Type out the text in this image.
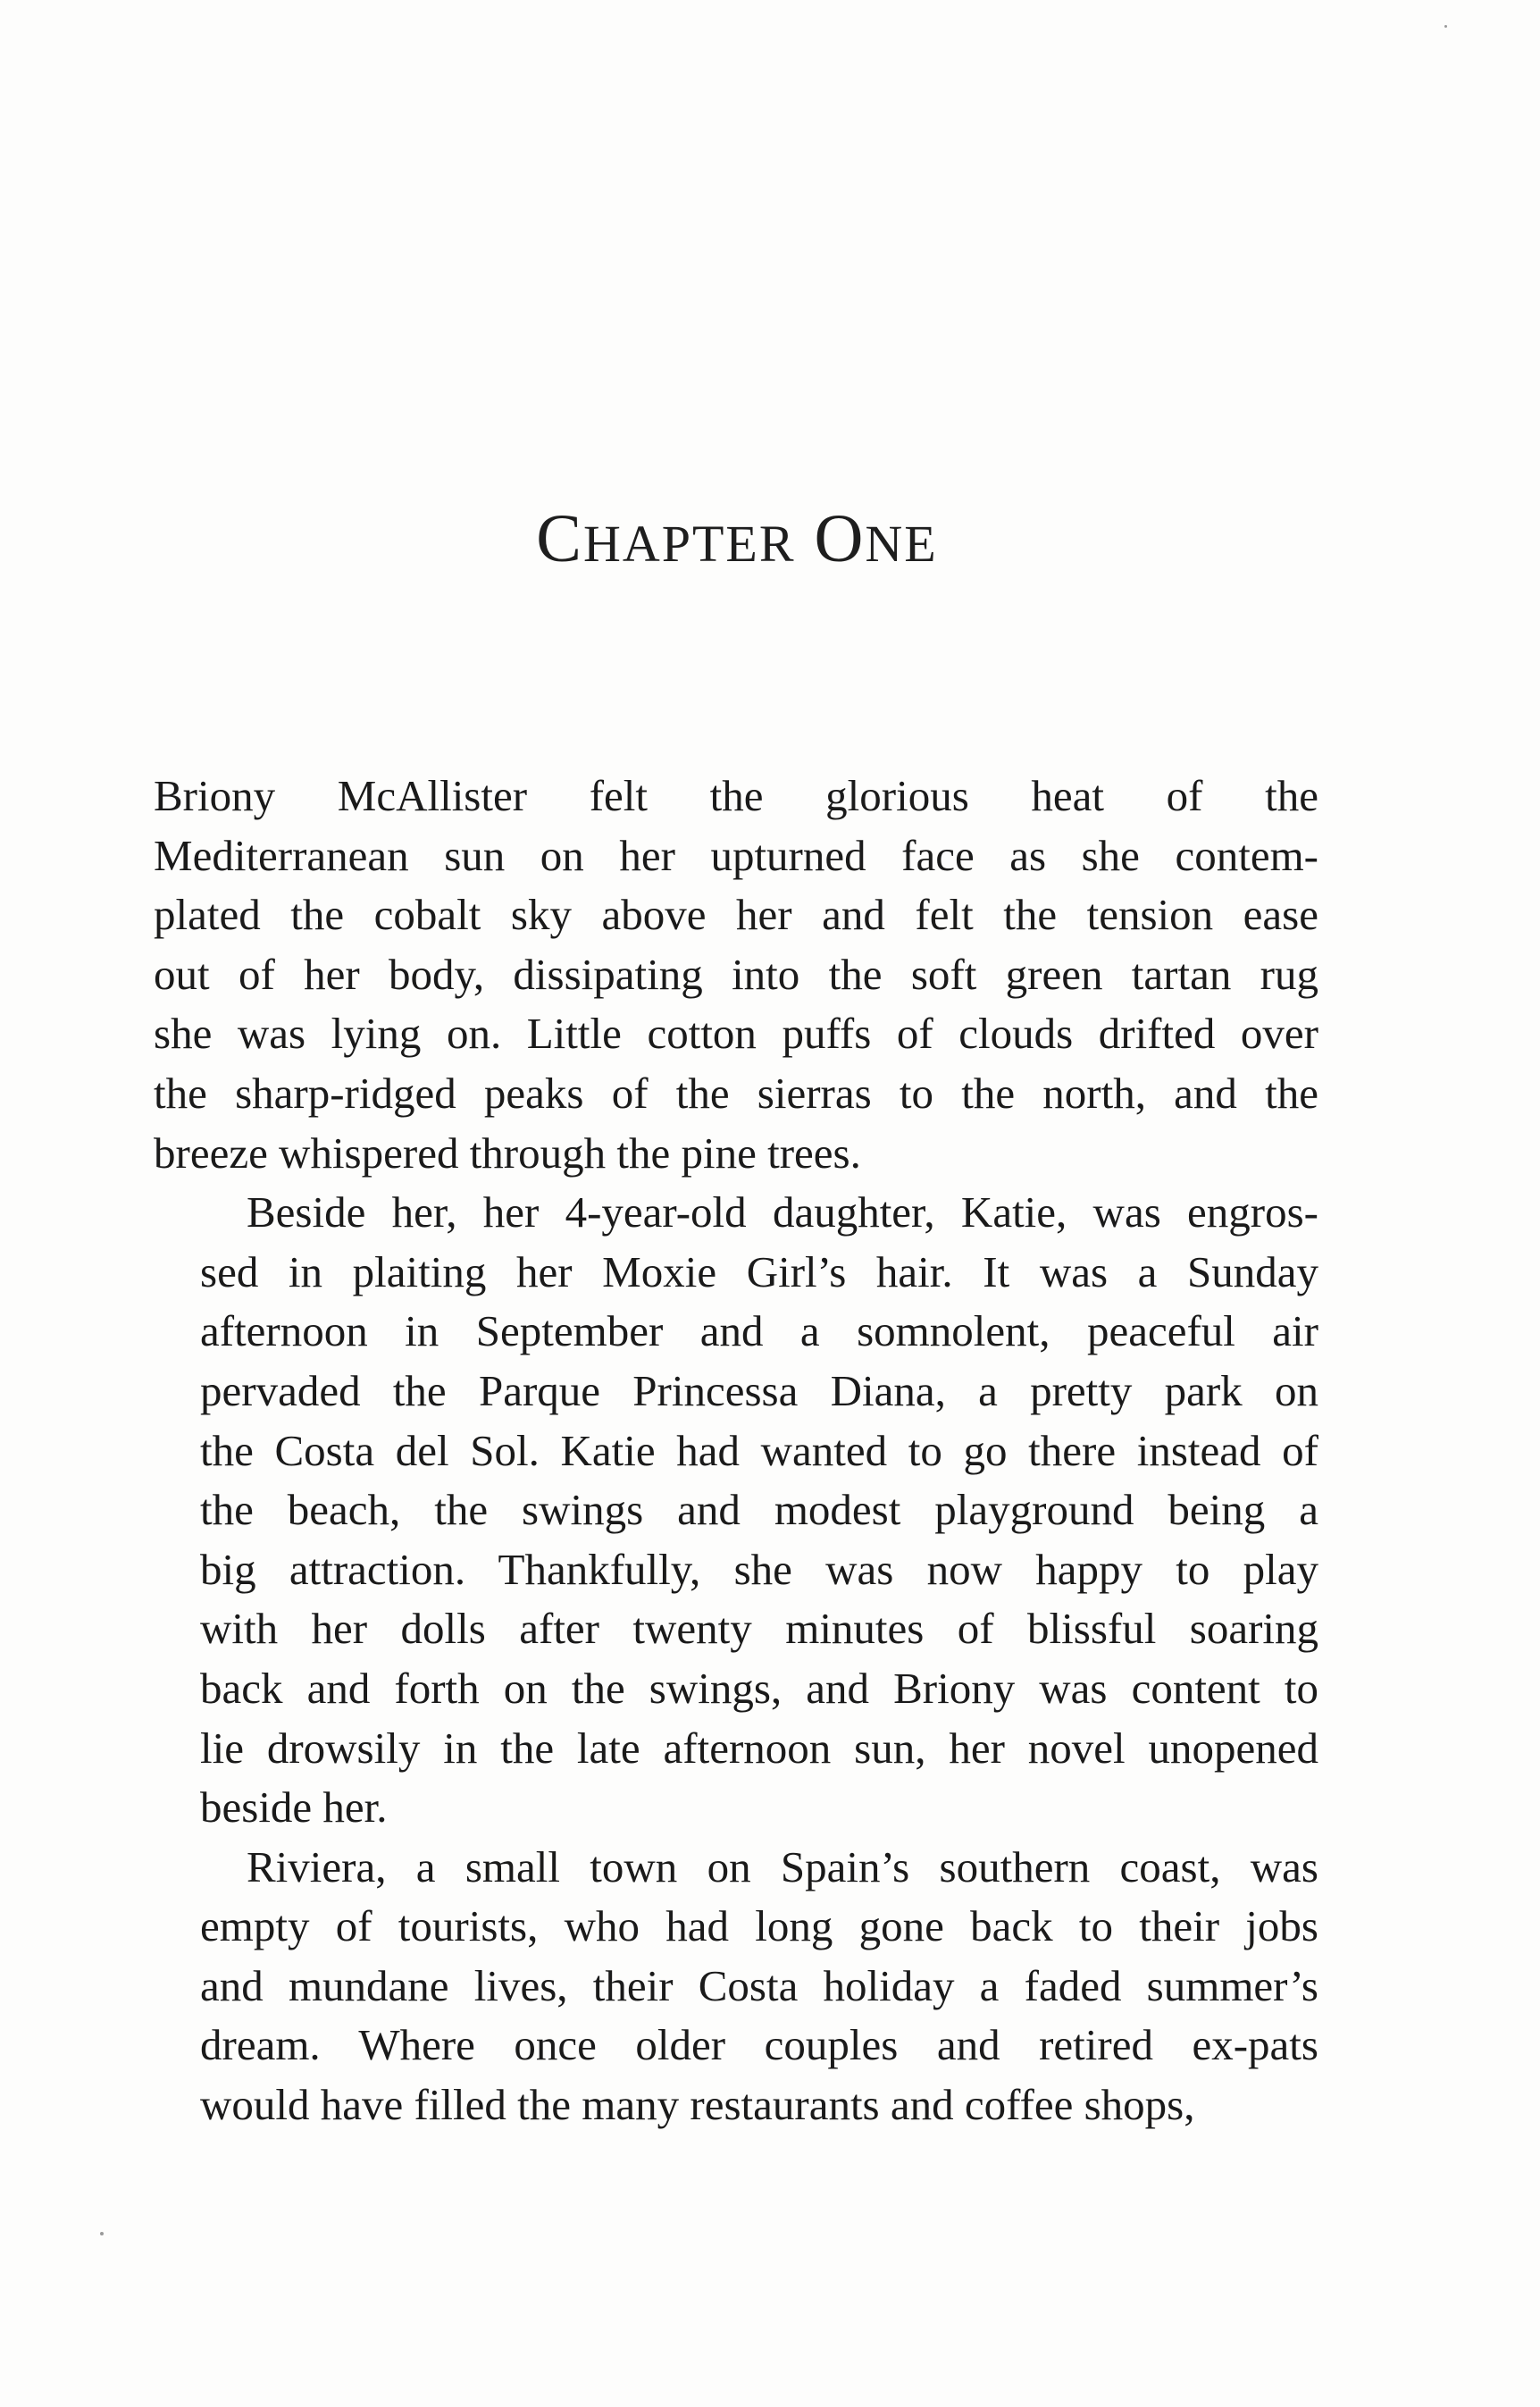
CHAPTER ONE

Briony McAllister felt the glorious heat of the
Mediterranean sun on her upturned face as she contem-
plated the cobalt sky above her and felt the tension ease
out of her body, dissipating into the soft green tartan rug
she was lying on. Little cotton puffs of clouds drifted over
the sharp-ridged peaks of the sierras to the north, and the
breeze whispered through the pine trees.

Beside her, her 4-year-old daughter, Katie, was engros-
sed in plaiting her Moxie Girl’s hair. It was a Sunday
afternoon in September and a somnolent, peaceful air
pervaded the Parque Princessa Diana, a pretty park on
the Costa del Sol. Katie had wanted to go there instead of
the beach, the swings and modest playground being a
big attraction. Thankfully, she was now happy to play
with her dolls after twenty minutes of blissful soaring
back and forth on the swings, and Briony was content to
lie drowsily in the late afternoon sun, her novel unopened
beside her.

Riviera, a small town on Spain’s southern coast, was
empty of tourists, who had long gone back to their jobs
and mundane lives, their Costa holiday a faded summer’s
dream. Where once older couples and retired ex-pats
would have filled the many restaurants and coffee shops,
